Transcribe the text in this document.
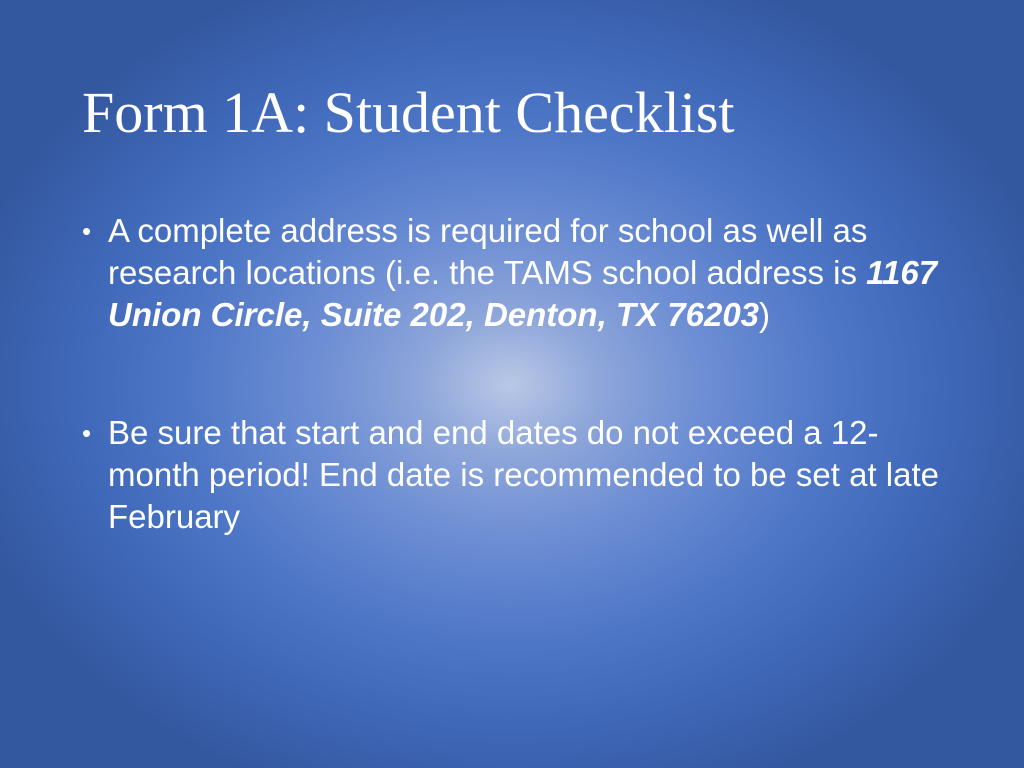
Form 1A: Student Checklist
• A complete address is required for school as well as research locations (i.e. the TAMS school address is 1167 Union Circle, Suite 202, Denton, TX 76203)
• Be sure that start and end dates do not exceed a 12-month period! End date is recommended to be set at late February
